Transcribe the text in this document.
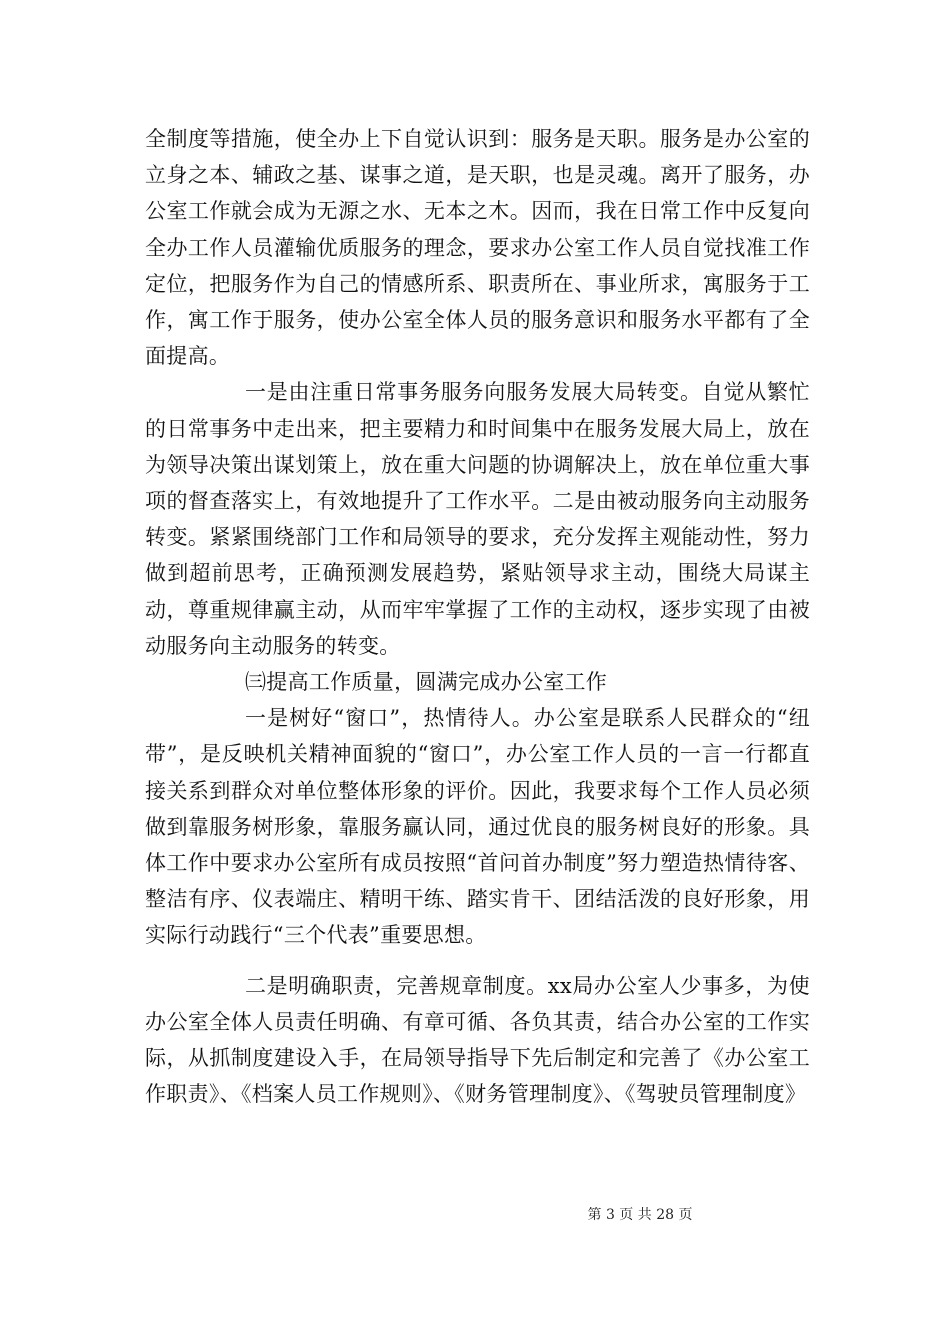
全制度等措施，使全办上下自觉认识到：服务是天职。服务是办公室的立身之本、辅政之基、谋事之道，是天职，也是灵魂。离开了服务，办公室工作就会成为无源之水、无本之木。因而，我在日常工作中反复向全办工作人员灌输优质服务的理念，要求办公室工作人员自觉找准工作定位，把服务作为自己的情感所系、职责所在、事业所求，寓服务于工作，寓工作于服务，使办公室全体人员的服务意识和服务水平都有了全面提高。

一是由注重日常事务服务向服务发展大局转变。自觉从繁忙的日常事务中走出来，把主要精力和时间集中在服务发展大局上，放在为领导决策出谋划策上，放在重大问题的协调解决上，放在单位重大事项的督查落实上，有效地提升了工作水平。二是由被动服务向主动服务转变。紧紧围绕部门工作和局领导的要求，充分发挥主观能动性，努力做到超前思考，正确预测发展趋势，紧贴领导求主动，围绕大局谋主动，尊重规律赢主动，从而牢牢掌握了工作的主动权，逐步实现了由被动服务向主动服务的转变。

㈢提高工作质量，圆满完成办公室工作

一是树好“窗口”，热情待人。办公室是联系人民群众的“纽带”，是反映机关精神面貌的“窗口”，办公室工作人员的一言一行都直接关系到群众对单位整体形象的评价。因此，我要求每个工作人员必须做到靠服务树形象，靠服务赢认同，通过优良的服务树良好的形象。具体工作中要求办公室所有成员按照“首问首办制度”努力塑造热情待客、整洁有序、仪表端庄、精明干练、踏实肯干、团结活泼的良好形象，用实际行动践行“三个代表”重要思想。

二是明确职责，完善规章制度。xx局办公室人少事多，为使办公室全体人员责任明确、有章可循、各负其责，结合办公室的工作实际，从抓制度建设入手，在局领导指导下先后制定和完善了《办公室工作职责》、《档案人员工作规则》、《财务管理制度》、《驾驶员管理制度》

第 3 页 共 28 页
